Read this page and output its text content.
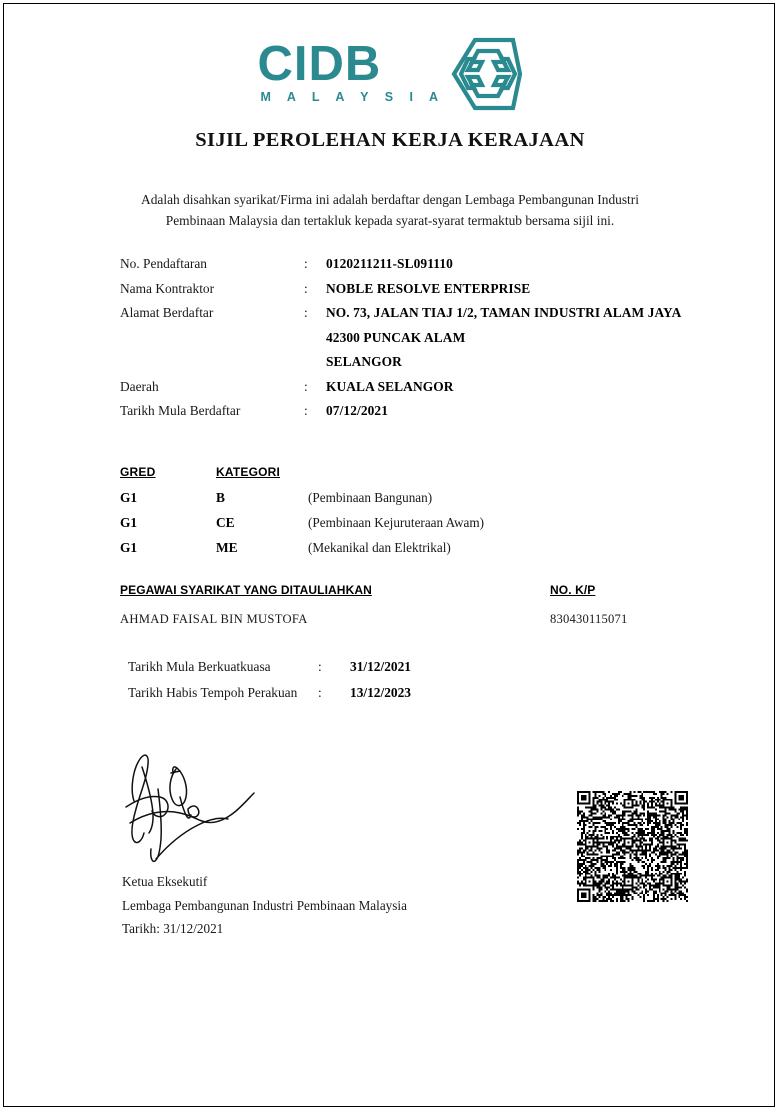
CIDB
M A L A Y S I A
SIJIL PEROLEHAN KERJA KERAJAAN
Adalah disahkan syarikat/Firma ini adalah berdaftar dengan Lembaga Pembangunan Industri Pembinaan Malaysia dan tertakluk kepada syarat-syarat termaktub bersama sijil ini.
No. Pendaftaran	:	0120211211-SL091110
Nama Kontraktor	:	NOBLE RESOLVE ENTERPRISE
Alamat Berdaftar	:	NO. 73, JALAN TIAJ 1/2, TAMAN INDUSTRI ALAM JAYA
42300 PUNCAK ALAM
SELANGOR
Daerah	:	KUALA SELANGOR
Tarikh Mula Berdaftar	:	07/12/2021
GRED	KATEGORI
G1	B	(Pembinaan Bangunan)
G1	CE	(Pembinaan Kejuruteraan Awam)
G1	ME	(Mekanikal dan Elektrikal)
PEGAWAI SYARIKAT YANG DITAULIAHKAN	NO. K/P
AHMAD FAISAL BIN MUSTOFA	830430115071
Tarikh Mula Berkuatkuasa	:	31/12/2021
Tarikh Habis Tempoh Perakuan	:	13/12/2023
Ketua Eksekutif
Lembaga Pembangunan Industri Pembinaan Malaysia
Tarikh: 31/12/2021
